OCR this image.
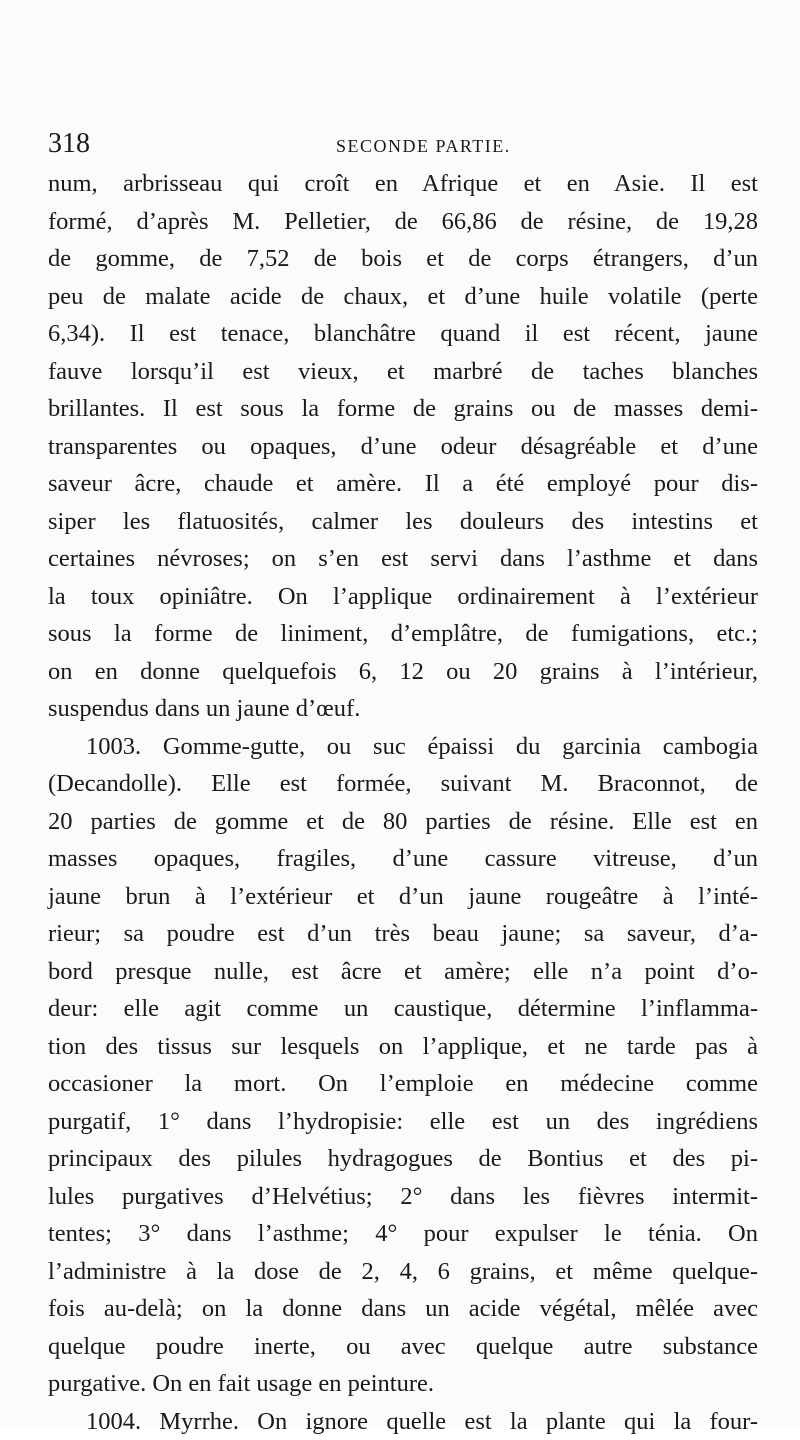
318	SECONDE PARTIE.
num, arbrisseau qui croît en Afrique et en Asie. Il est
formé, d’après M. Pelletier, de 66,86 de résine, de 19,28
de gomme, de 7,52 de bois et de corps étrangers, d’un
peu de malate acide de chaux, et d’une huile volatile (perte
6,34). Il est tenace, blanchâtre quand il est récent, jaune
fauve lorsqu’il est vieux, et marbré de taches blanches
brillantes. Il est sous la forme de grains ou de masses demi-
transparentes ou opaques, d’une odeur désagréable et d’une
saveur âcre, chaude et amère. Il a été employé pour dis-
siper les flatuosités, calmer les douleurs des intestins et
certaines névroses; on s’en est servi dans l’asthme et dans
la toux opiniâtre. On l’applique ordinairement à l’extérieur
sous la forme de liniment, d’emplâtre, de fumigations, etc.;
on en donne quelquefois 6, 12 ou 20 grains à l’intérieur,
suspendus dans un jaune d’œuf.
1003. Gomme-gutte, ou suc épaissi du garcinia cambogia
(Decandolle). Elle est formée, suivant M. Braconnot, de
20 parties de gomme et de 80 parties de résine. Elle est en
masses opaques, fragiles, d’une cassure vitreuse, d’un
jaune brun à l’extérieur et d’un jaune rougeâtre à l’inté-
rieur; sa poudre est d’un très beau jaune; sa saveur, d’a-
bord presque nulle, est âcre et amère; elle n’a point d’o-
deur: elle agit comme un caustique, détermine l’inflamma-
tion des tissus sur lesquels on l’applique, et ne tarde pas à
occasioner la mort. On l’emploie en médecine comme
purgatif, 1° dans l’hydropisie: elle est un des ingrédiens
principaux des pilules hydragogues de Bontius et des pi-
lules purgatives d’Helvétius; 2° dans les fièvres intermit-
tentes; 3° dans l’asthme; 4° pour expulser le ténia. On
l’administre à la dose de 2, 4, 6 grains, et même quelque-
fois au-delà; on la donne dans un acide végétal, mêlée avec
quelque poudre inerte, ou avec quelque autre substance
purgative. On en fait usage en peinture.
1004. Myrrhe. On ignore quelle est la plante qui la four-
